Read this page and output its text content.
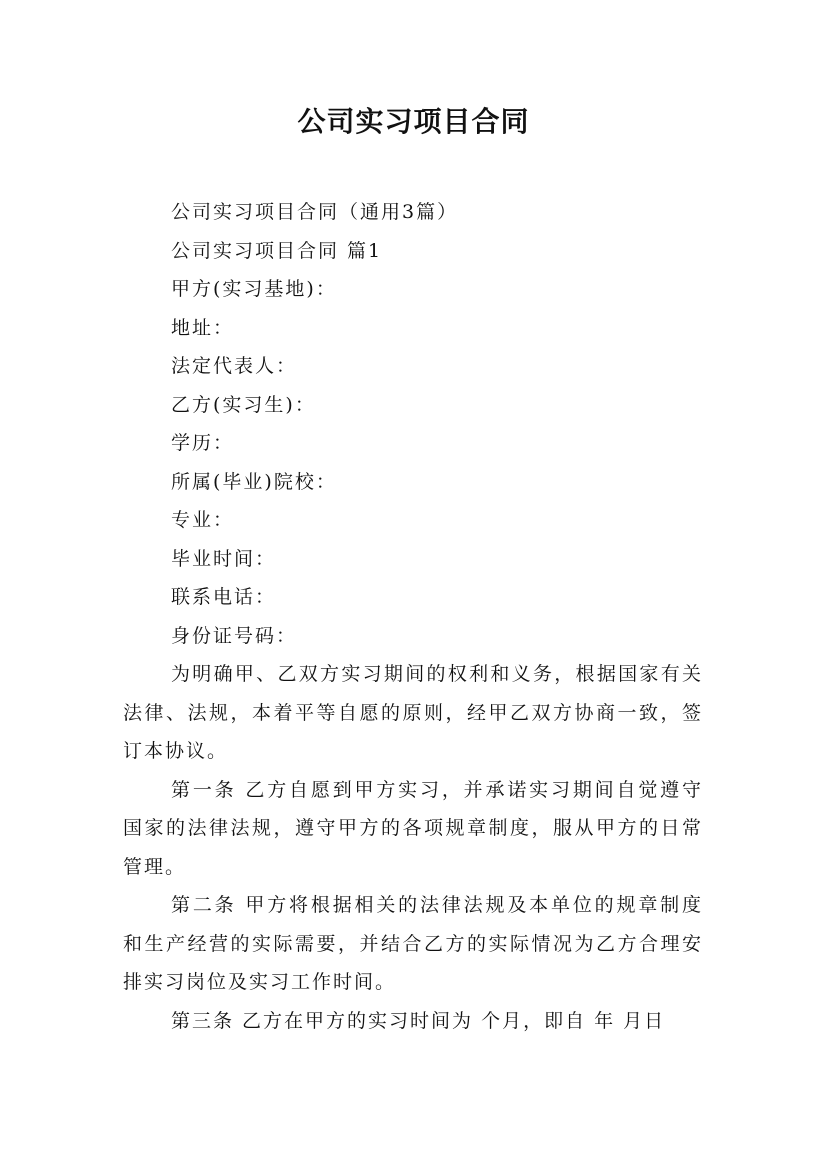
公司实习项目合同

公司实习项目合同（通用3篇）

公司实习项目合同 篇1

甲方(实习基地)：

地址：

法定代表人：

乙方(实习生)：

学历：

所属(毕业)院校：

专业：

毕业时间：

联系电话：

身份证号码：

为明确甲、乙双方实习期间的权利和义务，根据国家有关法律、法规，本着平等自愿的原则，经甲乙双方协商一致，签订本协议。

第一条 乙方自愿到甲方实习，并承诺实习期间自觉遵守国家的法律法规，遵守甲方的各项规章制度，服从甲方的日常管理。

第二条 甲方将根据相关的法律法规及本单位的规章制度和生产经营的实际需要，并结合乙方的实际情况为乙方合理安排实习岗位及实习工作时间。

第三条 乙方在甲方的实习时间为 个月，即自 年 月日
